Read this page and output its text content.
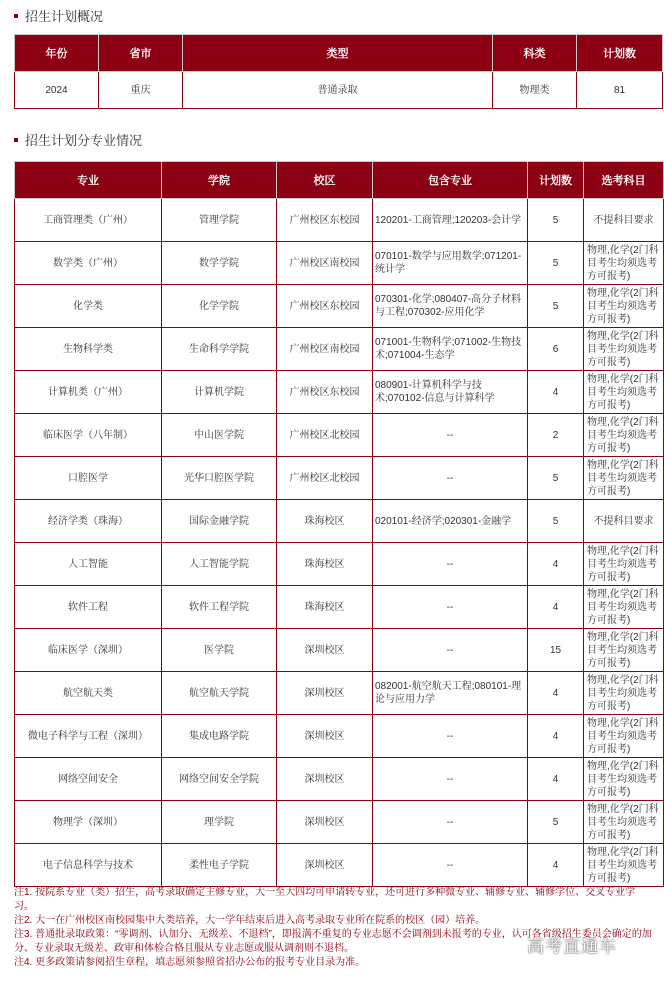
招生计划概况
年份	省市	类型	科类	计划数
2024	重庆	普通录取	物理类	81
招生计划分专业情况
专业	学院	校区	包含专业	计划数	选考科目
工商管理类（广州）	管理学院	广州校区东校园	120201-工商管理;120203-会计学	5	不提科目要求
数学类（广州）	数学学院	广州校区南校园	070101-数学与应用数学;071201-统计学	5	物理,化学(2门科目考生均须选考方可报考)
化学类	化学学院	广州校区东校园	070301-化学;080407-高分子材料与工程;070302-应用化学	5	物理,化学(2门科目考生均须选考方可报考)
生物科学类	生命科学学院	广州校区南校园	071001-生物科学;071002-生物技术;071004-生态学	6	物理,化学(2门科目考生均须选考方可报考)
计算机类（广州）	计算机学院	广州校区东校园	080901-计算机科学与技术;070102-信息与计算科学	4	物理,化学(2门科目考生均须选考方可报考)
临床医学（八年制）	中山医学院	广州校区北校园	--	2	物理,化学(2门科目考生均须选考方可报考)
口腔医学	光华口腔医学院	广州校区北校园	--	5	物理,化学(2门科目考生均须选考方可报考)
经济学类（珠海）	国际金融学院	珠海校区	020101-经济学;020301-金融学	5	不提科目要求
人工智能	人工智能学院	珠海校区	--	4	物理,化学(2门科目考生均须选考方可报考)
软件工程	软件工程学院	珠海校区	--	4	物理,化学(2门科目考生均须选考方可报考)
临床医学（深圳）	医学院	深圳校区	--	15	物理,化学(2门科目考生均须选考方可报考)
航空航天类	航空航天学院	深圳校区	082001-航空航天工程;080101-理论与应用力学	4	物理,化学(2门科目考生均须选考方可报考)
微电子科学与工程（深圳）	集成电路学院	深圳校区	--	4	物理,化学(2门科目考生均须选考方可报考)
网络空间安全	网络空间安全学院	深圳校区	--	4	物理,化学(2门科目考生均须选考方可报考)
物理学（深圳）	理学院	深圳校区	--	5	物理,化学(2门科目考生均须选考方可报考)
电子信息科学与技术	柔性电子学院	深圳校区	--	4	物理,化学(2门科目考生均须选考方可报考)

注1. 按院系专业（类）招生，高考录取确定主修专业，大一至大四均可申请转专业，还可进行多种微专业、辅修专业、辅修学位、交叉专业学习。

注2. 大一在广州校区南校园集中大类培养，大一学年结束后进入高考录取专业所在院系的校区（园）培养。

注3. 普通批录取政策：“零调剂、认加分、无级差、不退档”，即报满不重复的专业志愿不会调剂到未报考的专业，认可各省级招生委员会确定的加分、专业录取无级差、政审和体检合格且服从专业志愿或服从调剂则不退档。

注4. 更多政策请参阅招生章程，填志愿须参照省招办公布的报考专业目录为准。

高考直通车
